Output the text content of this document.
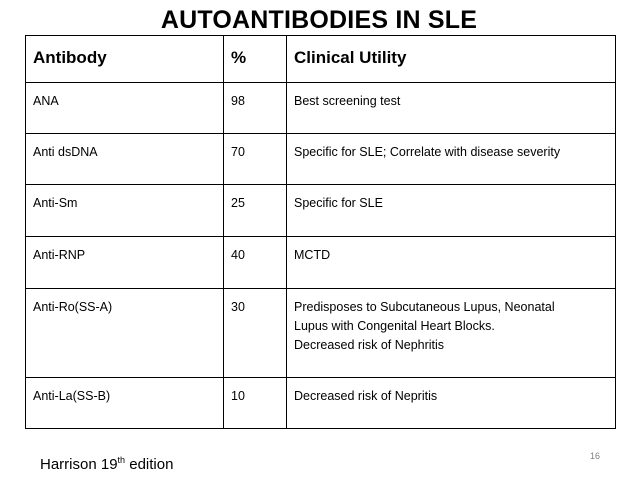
AUTOANTIBODIES IN SLE
Antibody	%	Clinical Utility
ANA	98	Best screening test

Anti dsDNA	70	Specific for SLE; Correlate with disease severity

Anti-Sm	25	Specific for SLE

Anti-RNP	40	MCTD

Anti-Ro(SS-A)	30	Predisposes to Subcutaneous Lupus, Neonatal
Lupus with Congenital Heart Blocks.
Decreased risk of Nephritis

Anti-La(SS-B)	10	Decreased risk of Nepritis
Harrison 19th edition	16
